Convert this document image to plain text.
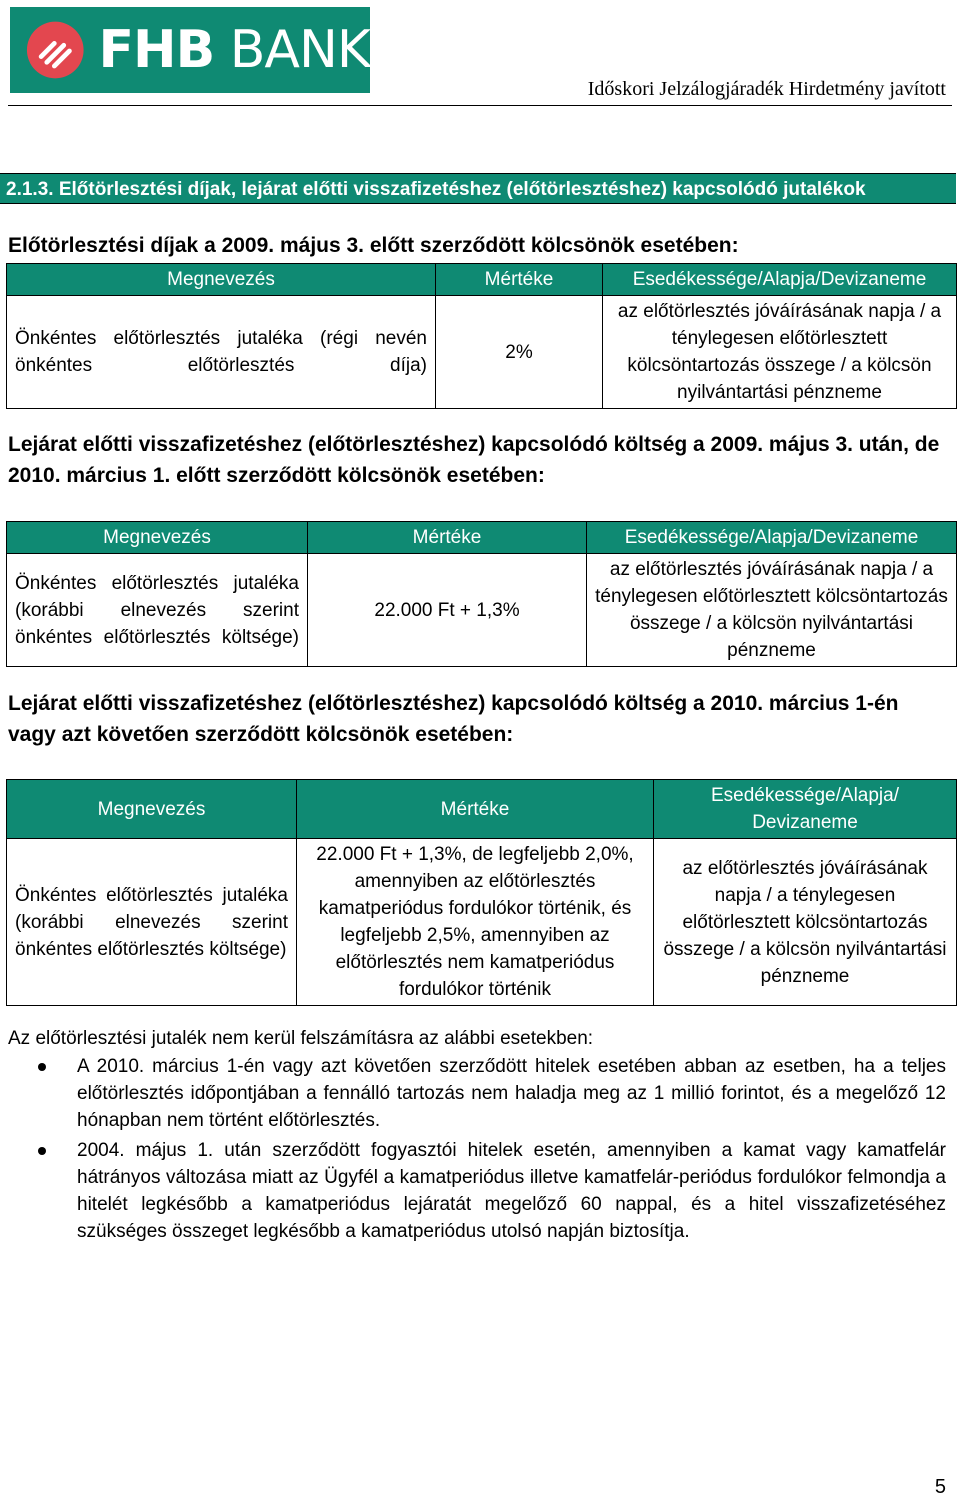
FHB BANK
Időskori Jelzálogjáradék Hirdetmény javított
2.1.3. Előtörlesztési díjak, lejárat előtti visszafizetéshez (előtörlesztéshez) kapcsolódó jutalékok
Előtörlesztési díjak a 2009. május 3. előtt szerződött kölcsönök esetében:
Megnevezés	Mértéke	Esedékessége/Alapja/Devizaneme
Önkéntes előtörlesztés jutaléka (régi nevén önkéntes előtörlesztés díja)	2%	az előtörlesztés jóváírásának napja / a ténylegesen előtörlesztett kölcsöntartozás összege / a kölcsön nyilvántartási pénzneme
Lejárat előtti visszafizetéshez (előtörlesztéshez) kapcsolódó költség a 2009. május 3. után, de 2010. március 1. előtt szerződött kölcsönök esetében:
Megnevezés	Mértéke	Esedékessége/Alapja/Devizaneme
Önkéntes előtörlesztés jutaléka (korábbi elnevezés szerint önkéntes előtörlesztés költsége)	22.000 Ft + 1,3%	az előtörlesztés jóváírásának napja / a ténylegesen előtörlesztett kölcsöntartozás összege / a kölcsön nyilvántartási pénzneme
Lejárat előtti visszafizetéshez (előtörlesztéshez) kapcsolódó költség a 2010. március 1-én vagy azt követően szerződött kölcsönök esetében:
Megnevezés	Mértéke	Esedékessége/Alapja/ Devizaneme
Önkéntes előtörlesztés jutaléka (korábbi elnevezés szerint önkéntes előtörlesztés költsége)	22.000 Ft + 1,3%, de legfeljebb 2,0%, amennyiben az előtörlesztés kamatperiódus fordulókor történik, és legfeljebb 2,5%, amennyiben az előtörlesztés nem kamatperiódus fordulókor történik	az előtörlesztés jóváírásának napja / a ténylegesen előtörlesztett kölcsöntartozás összege / a kölcsön nyilvántartási pénzneme
Az előtörlesztési jutalék nem kerül felszámításra az alábbi esetekben:
A 2010. március 1-én vagy azt követően szerződött hitelek esetében abban az esetben, ha a teljes előtörlesztés időpontjában a fennálló tartozás nem haladja meg az 1 millió forintot, és a megelőző 12 hónapban nem történt előtörlesztés.
2004. május 1. után szerződött fogyasztói hitelek esetén, amennyiben a kamat vagy kamatfelár hátrányos változása miatt az Ügyfél a kamatperiódus illetve kamatfelár-periódus fordulókor felmondja a hitelét legkésőbb a kamatperiódus lejáratát megelőző 60 nappal, és a hitel visszafizetéséhez szükséges összeget legkésőbb a kamatperiódus utolsó napján biztosítja.
5
